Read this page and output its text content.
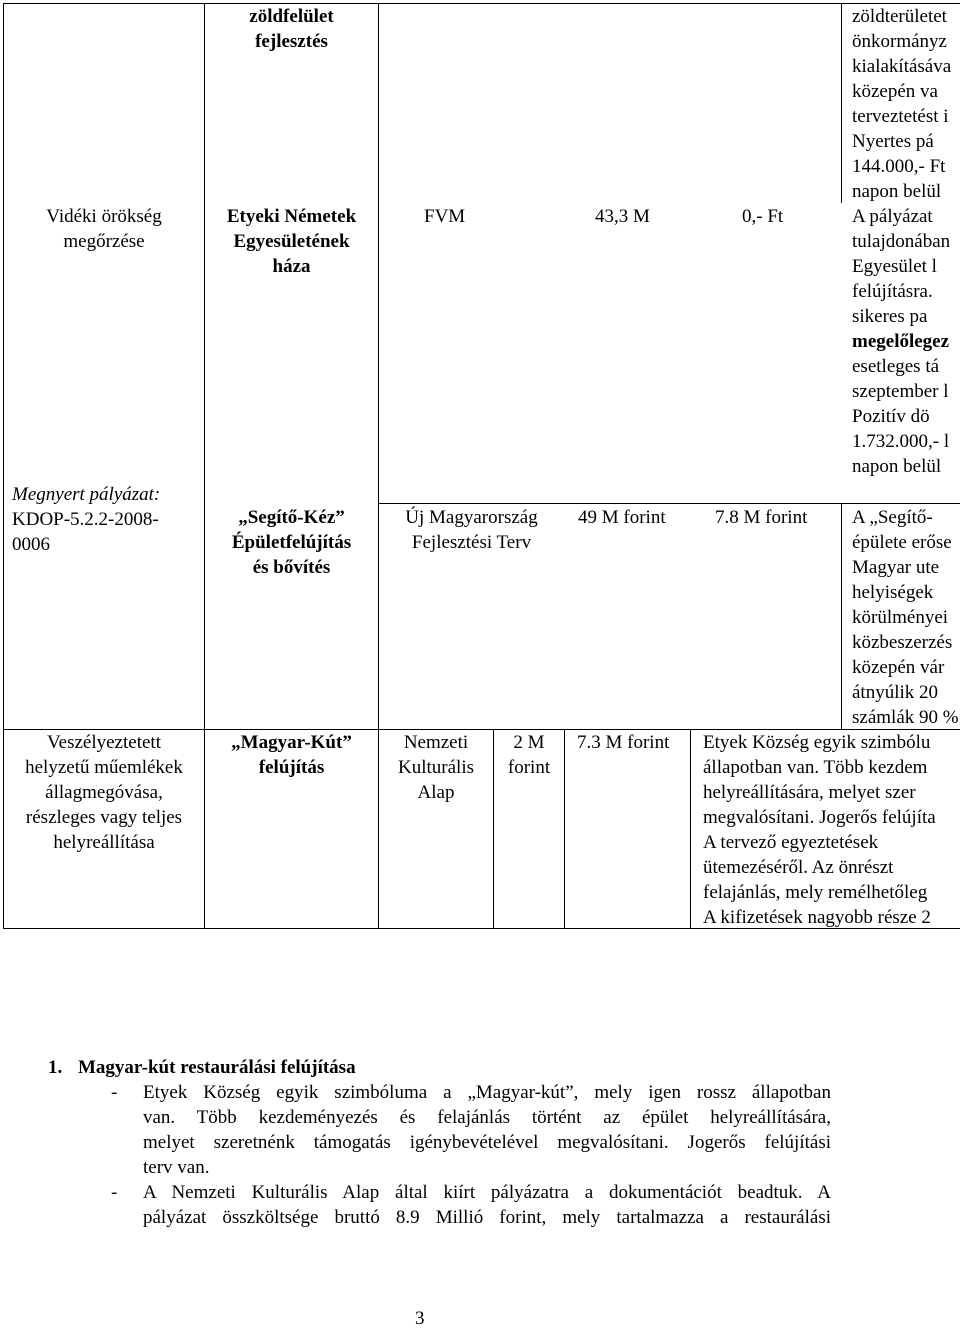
Vidéki örökség
megőrzése
Megnyert pályázat:
KDOP-5.2.2-2008-
0006
Veszélyeztetett
helyzetű műemlékek
állagmegóvása,
részleges vagy teljes
helyreállítása
zöldfelület
fejlesztés
Etyeki Németek
Egyesületének
háza
„Segítő-Kéz”
Épületfelújítás
és bővítés
„Magyar-Kút”
felújítás
FVM
Új Magyarország
Fejlesztési Terv
Nemzeti
Kulturális
Alap
43,3 M	0,- Ft
49 M forint	7.8 M forint
2 M
forint
7.3 M forint
zöldterületet
önkormányz
kialakításáva
közepén va
terveztetést i
Nyertes pá
144.000,- Ft
napon belül
A pályázat
tulajdonában
Egyesület l
felújításra.
sikeres pa
megelőlegez
esetleges tá
szeptember l
Pozitív dö
1.732.000,- l
napon belül
A „Segítő-
épülete erőse
Magyar ute
helyiségek
körülményei
közbeszerzés
közepén vár
átnyúlik 20
számlák 90 %
Etyek Község egyik szimbólu
állapotban van. Több kezdem
helyreállítására, melyet szer
megvalósítani. Jogerős felújíta
A tervező egyeztetések
ütemezéséről. Az önrészt
felajánlás, mely remélhetőleg
A kifizetések nagyobb része 2
1. Magyar-kút restaurálási felújítása
- Etyek Község egyik szimbóluma a „Magyar-kút”, mely igen rossz állapotban
van. Több kezdeményezés és felajánlás történt az épület helyreállítására,
melyet szeretnénk támogatás igénybevételével megvalósítani. Jogerős felújítási
terv van.
- A Nemzeti Kulturális Alap által kiírt pályázatra a dokumentációt beadtuk. A
pályázat összköltsége bruttó 8.9 Millió forint, mely tartalmazza a restaurálási
3
